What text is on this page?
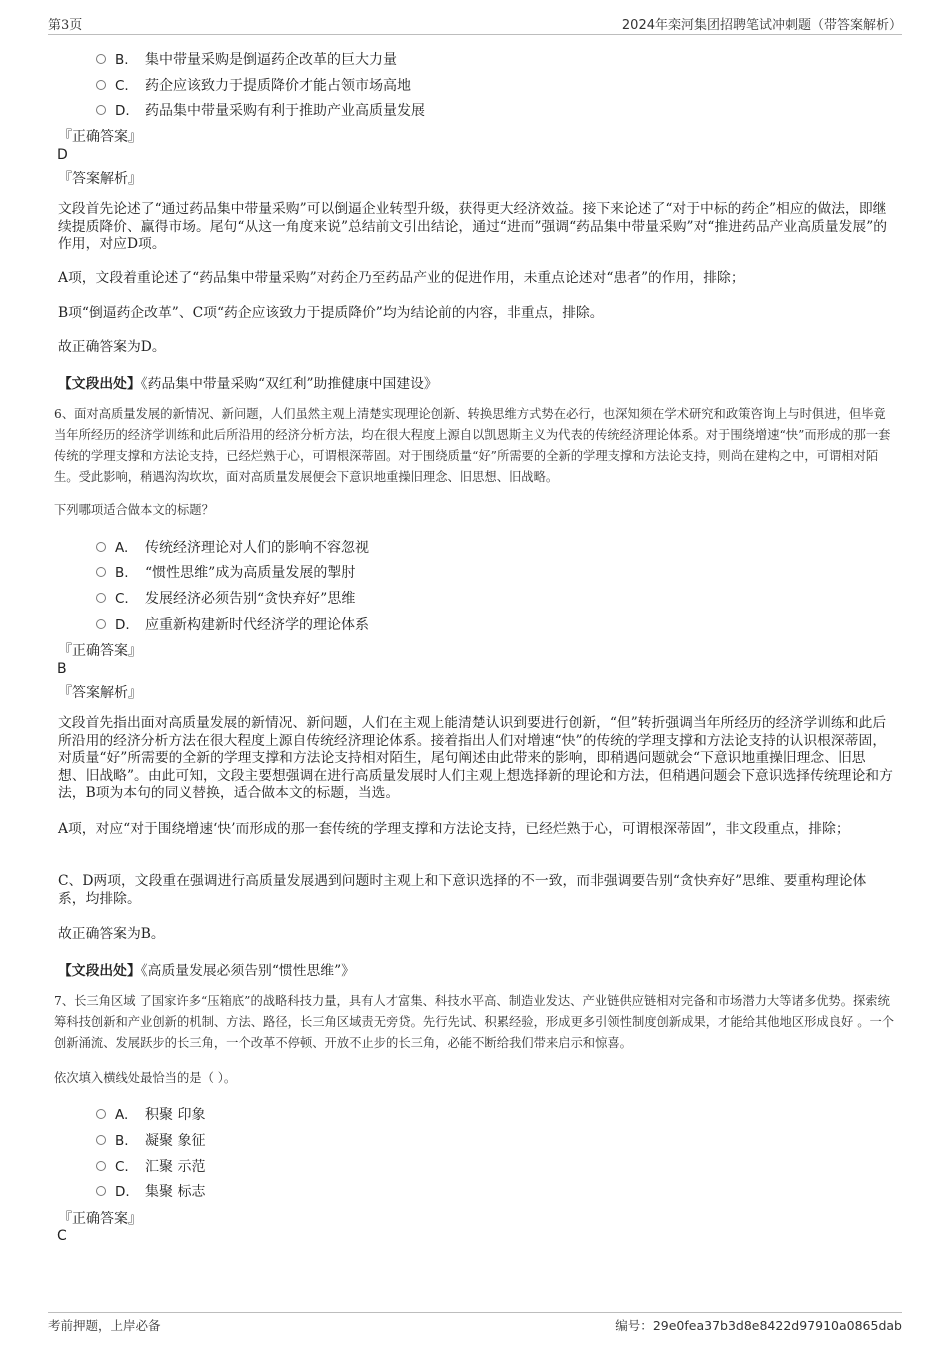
第3页	2024年栾河集团招聘笔试冲刺题（带答案解析）
B. 集中带量采购是倒逼药企改革的巨大力量
C. 药企应该致力于提质降价才能占领市场高地
D. 药品集中带量采购有利于推助产业高质量发展
『正确答案』
D
『答案解析』
文段首先论述了“通过药品集中带量采购”可以倒逼企业转型升级，获得更大经济效益。接下来论述了“对于中标的药企”相应的做法，即继续提质降价、赢得市场。尾句“从这一角度来说”总结前文引出结论，通过“进而”强调“药品集中带量采购”对“推进药品产业高质量发展”的作用，对应D项。
A项，文段着重论述了“药品集中带量采购”对药企乃至药品产业的促进作用，未重点论述对“患者”的作用，排除；
B项“倒逼药企改革”、C项“药企应该致力于提质降价”均为结论前的内容，非重点，排除。
故正确答案为D。
【文段出处】《药品集中带量采购“双红利”助推健康中国建设》
6、面对高质量发展的新情况、新问题，人们虽然主观上清楚实现理论创新、转换思维方式势在必行，也深知须在学术研究和政策咨询上与时俱进，但毕竟当年所经历的经济学训练和此后所沿用的经济分析方法，均在很大程度上源自以凯恩斯主义为代表的传统经济理论体系。对于围绕增速“快”而形成的那一套传统的学理支撑和方法论支持，已经烂熟于心，可谓根深蒂固。对于围绕质量“好”所需要的全新的学理支撑和方法论支持，则尚在建构之中，可谓相对陌生。受此影响，稍遇沟沟坎坎，面对高质量发展便会下意识地重操旧理念、旧思想、旧战略。
下列哪项适合做本文的标题？
A. 传统经济理论对人们的影响不容忽视
B. “惯性思维”成为高质量发展的掣肘
C. 发展经济必须告别“贪快弃好”思维
D. 应重新构建新时代经济学的理论体系
『正确答案』
B
『答案解析』
文段首先指出面对高质量发展的新情况、新问题，人们在主观上能清楚认识到要进行创新，“但”转折强调当年所经历的经济学训练和此后所沿用的经济分析方法在很大程度上源自传统经济理论体系。接着指出人们对增速“快”的传统的学理支撑和方法论支持的认识根深蒂固，对质量“好”所需要的全新的学理支撑和方法论支持相对陌生，尾句阐述由此带来的影响，即稍遇问题就会“下意识地重操旧理念、旧思想、旧战略”。由此可知，文段主要想强调在进行高质量发展时人们主观上想选择新的理论和方法，但稍遇问题会下意识选择传统理论和方法，B项为本句的同义替换，适合做本文的标题，当选。
A项，对应“对于围绕增速‘快’而形成的那一套传统的学理支撑和方法论支持，已经烂熟于心，可谓根深蒂固”，非文段重点，排除；
C、D两项，文段重在强调进行高质量发展遇到问题时主观上和下意识选择的不一致，而非强调要告别“贪快弃好”思维、要重构理论体系，均排除。
故正确答案为B。
【文段出处】《高质量发展必须告别“惯性思维”》
7、长三角区域 了国家许多“压箱底”的战略科技力量，具有人才富集、科技水平高、制造业发达、产业链供应链相对完备和市场潜力大等诸多优势。探索统筹科技创新和产业创新的机制、方法、路径，长三角区域责无旁贷。先行先试、积累经验，形成更多引领性制度创新成果，才能给其他地区形成良好 。一个创新涌流、发展跃步的长三角，一个改革不停顿、开放不止步的长三角，必能不断给我们带来启示和惊喜。
依次填入横线处最恰当的是（ ）。
A. 积聚 印象
B. 凝聚 象征
C. 汇聚 示范
D. 集聚 标志
『正确答案』
C
考前押题，上岸必备	编号：29e0fea37b3d8e8422d97910a0865dab
